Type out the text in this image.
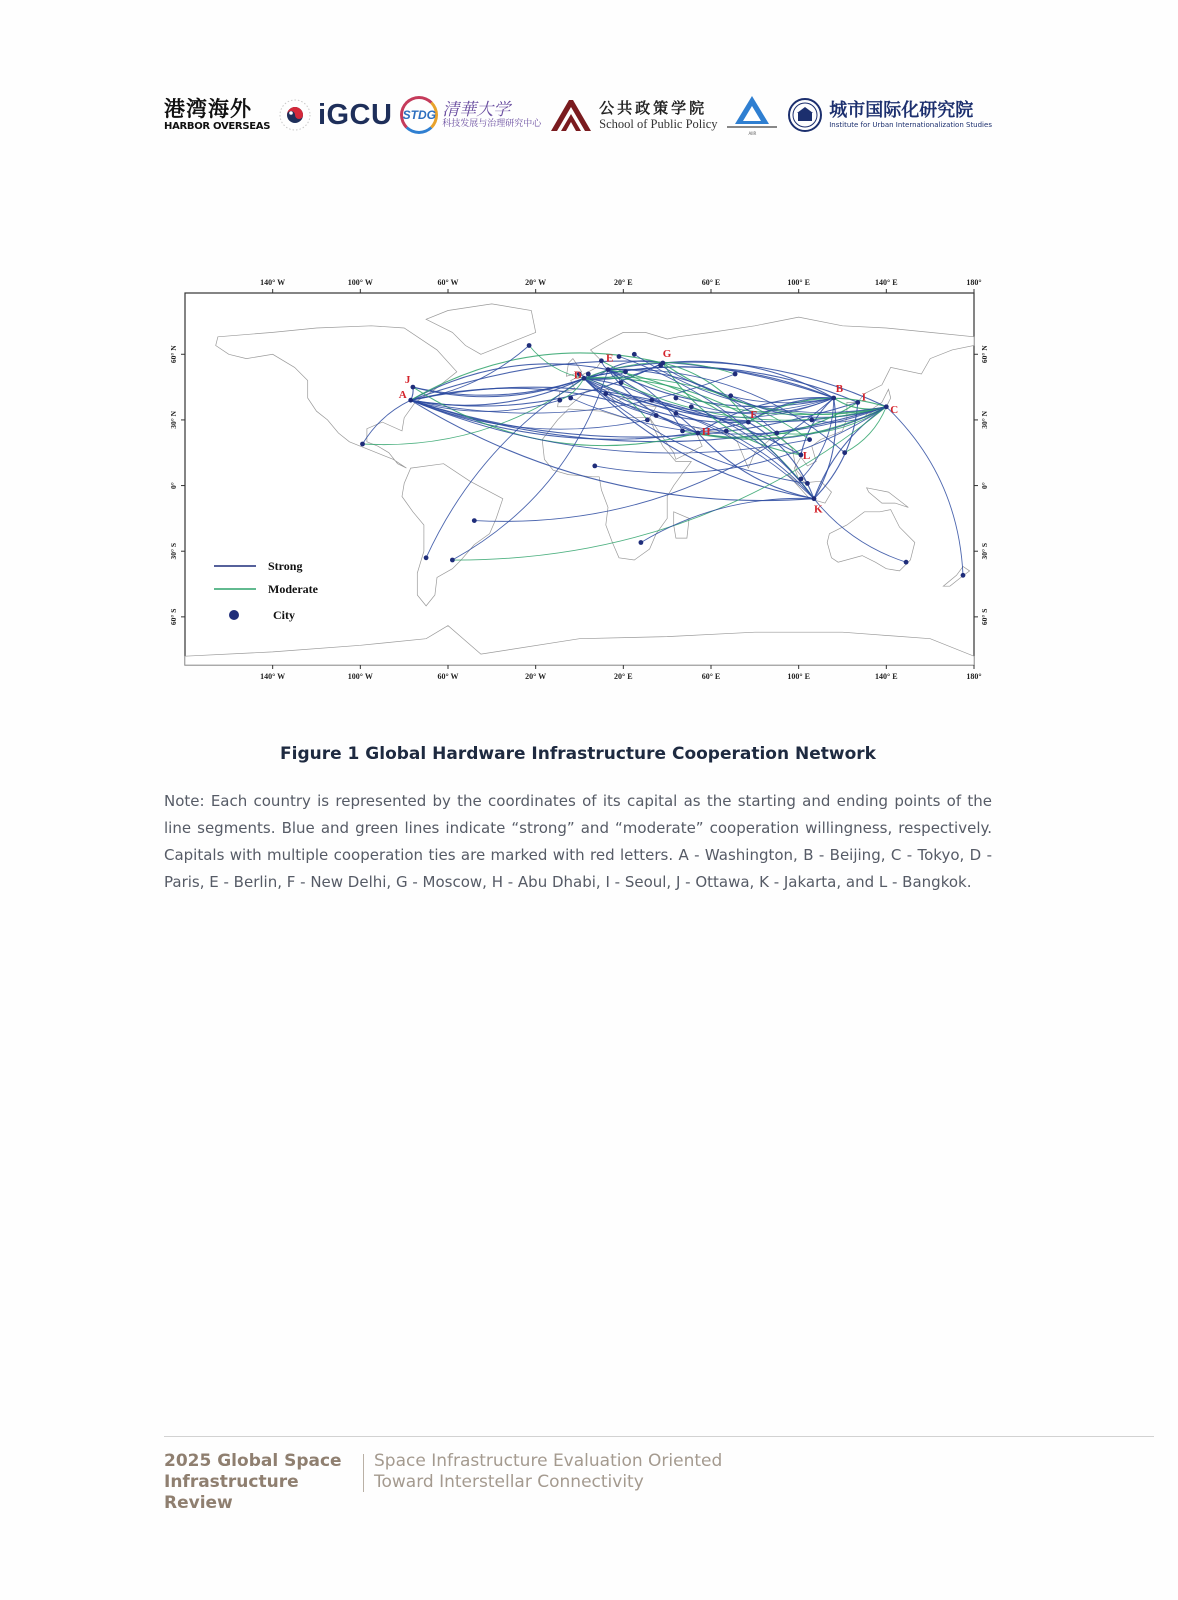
港湾海外
HARBOR OVERSEAS iGCU STDG 清華大学
科技发展与治理研究中心
公共政策学院
School of Public Policy
AIIR
城市国际化研究院
Institute for Urban Internationalization Studies
A
B
C
D
E
F
G
H
I
J
K
L
140° W
140° W
100° W
100° W
60° W
60° W
20° W
20° W
20° E
20° E
60° E
60° E
100° E
100° E
140° E
140° E
180°
180°
60° N	60° N
30° N	30° N
0°	0°
30° S	30° S
60° S	60° S
Strong
Moderate
City
Figure 1 Global Hardware Infrastructure Cooperation Network
Note: Each country is represented by the coordinates of its capital as the starting and ending points of the line segments. Blue and green lines indicate “strong” and “moderate” cooperation willingness, respectively. Capitals with multiple cooperation ties are marked with red letters. A - Washington, B - Beijing, C - Tokyo, D - Paris, E - Berlin, F - New Delhi, G - Moscow, H - Abu Dhabi, I - Seoul, J - Ottawa, K - Jakarta, and L - Bangkok.
2025 Global Space Infrastructure Review
Space Infrastructure Evaluation Oriented Toward Interstellar Connectivity
